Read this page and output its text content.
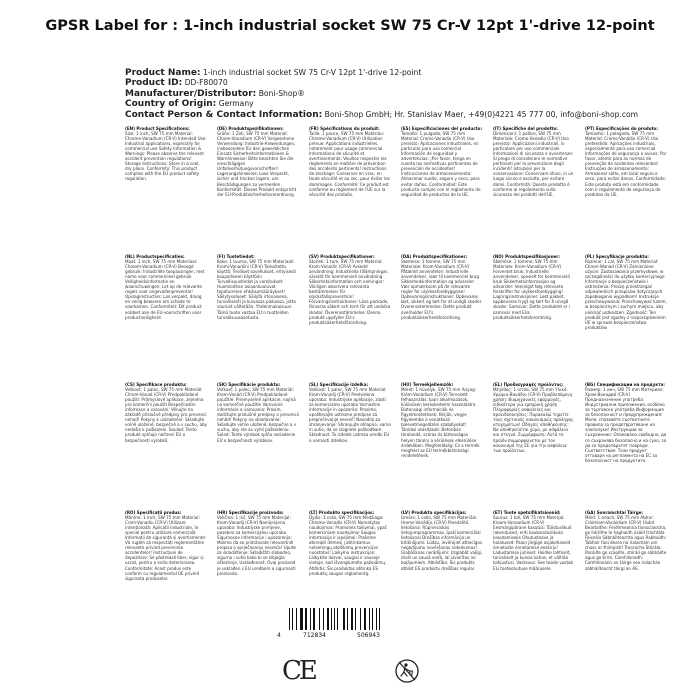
GPSR Label for : 1-inch industrial socket SW 75 Cr-V 12pt 1'-drive 12-point
Product Name: 1-inch industrial socket SW 75 Cr-V 12pt 1'-drive 12-point
Product ID: DD-F80070
Manufacturer/Distributor: Boni-Shop®
Country of Origin: Germany
Contact Person & Contact Information: Boni-Shop GmbH; Hr. Stanislav Maer, +49(0)4221 45 777 00, info@boni-shop.com

(EN) Product Specifications:

Size: 1 inch, SW 75 mm Material: Chrome-Vanadium (CR-V) Intended Use: Industrial applications, especially for commercial use Safety Information & Warnings: Please observe the relevant accident prevention regulations! Storage Instructions: Store in a cool, dry place. Conformity: This product complies with the EU product safety regulation.

(DE) Produktspezifikationen:

Größe: 1 Zoll, SW 75 mm Material: Chrom-Vanadium (CR-V) Vorgesehene Verwendung: Industrie-Anwendungen, insbesondere für den gewerblichen Einsatz Sicherheitsinformationen & Warnhinweise: Bitte beachten Sie die einschlägigen Unfallverhütungsvorschriften! Lagerungshinweise: Lose Verpackt, sicher und trocken lagern, um Beschädigungen zu vermeiden. Konformität: Dieses Produkt entspricht der EU-Produktsicherheitsverordnung.

(FR) Spécifications du produit:

Taille: 1 pouce, SW 75 mm Matériau: Chrome-Vanadium (CR-V) Utilisation prévue: Applications industrielles, notamment pour usage commercial Informations de sécurité et avertissements: Veuillez respecter les règlements en matière de prévention des accidents pertinents! Instructions de stockage: Conserver en vrac, en toute sécurité et au sec, pour éviter les dommages. Conformité: Ce produit est conforme au règlement de l'UE sur la sécurité des produits.

(ES) Especificaciones del producto:

Tamaño: 1 pulgada, SW 75 mm Material: Cromo-Vanadio (CR-V) Uso previsto: Aplicaciones industriales, en particular para uso comercial Información de seguridad y advertencias: ¡Por favor, tenga en cuenta las normativas pertinentes de prevención de accidentes! Instrucciones de almacenamiento: Almacenar suelto, seguro y seco, para evitar daños. Conformidad: Este producto cumple con el reglamento de seguridad de productos de la UE.

(IT) Specifiche del prodotto:

Dimensioni: 1 pollice, SW 75 mm Materiale: Cromo-Vanadio (CR-V) Uso previsto: Applicazioni industriali, in particolare per uso commerciale Informazioni di sicurezza e avvertenze: Si prega di considerare le normative pertinenti per la prevenzione degli incidenti! Istruzioni per la conservazione: Conservare sfuso, in un luogo sicuro e asciutto, per evitare danni. Conformità: Questo prodotto è conforme al regolamento sulla sicurezza dei prodotti dell'UE.

(PT) Especificações do produto:

Tamanho: 1 polegada, SW 75 mm Material: Cromo-Vanádio (CR-V) Uso pretendido: Aplicações industriais, especialmente para uso comercial Informações de segurança e avisos: Por favor, atente para as normas de prevenção de acidentes relevantes! Instruções de armazenamento: Armazenar solto, em local seguro e seco, para evitar danos. Conformidade: Este produto está em conformidade com o regulamento de segurança de produtos da UE.

(NL) Productspecificaties:

Maat: 1 inch, SW 75 mm Materiaal: Chroom-Vanadium (CR-V) Beoogd gebruik: Industriële toepassingen, met name voor commercieel gebruik Veiligheidsinformatie en waarschuwingen: Let op de relevante regels voor ongevallenpreventie! Opslaginstructies: Los verpakt, droog en veilig bewaren om schade te voorkomen. Conformiteit: Dit product voldoet aan de EU-voorschriften voor productveiligheid.

(FI) Tuotetiedot:

Koko: 1 tuuma, SW 75 mm Materiaali: Kromi-Vanadiini (CR-V) Tarkoitettu käyttö: Teolliset sovellukset, erityisesti kaupalliseen käyttöön Turvallisuustiedot ja varoitukset: Huomioithan asiaankuuluvat tapaturmien ehkäisymääräykset! Säilytysohjeet: Säilytä irtonaisena, turvallisesti ja kuivassa paikassa, jotta vaurioit vältetään. Yhdenmukaisuus: Tämä tuote vastaa EU:n tuotteiden turvallisuusasetusta.

(SV) Produktspecifikationer:

Storlek: 1 tum, SW 75 mm Material: Krom-Vanadin (CR-V) Avsedd användning: Industriella tillämpningar, särskilt för kommersiell användning Säkerhetsinformation och varningar: Vänligen observera relevanta bestämmelser för olycksfallsprevention! Förvaringsinstruktioner: Lösa packade, förvaras säkert och torrt för att undvika skador. Överensstämmelse: Denna produkt uppfyller EU:s produktsäkerhetsförordning.

(DA) Produktspecifikationer:

Størrelse: 1 tomme, SW 75 mm Materiale: Krom-Vanadium (CR-V) Påtænkt anvendelse: Industrielle anvendelser, især til kommerciel brug Sikkerhedsinformation og advarsler: Vær opmærksom på de relevante regler for ulykkesforebyggelse! Opbevaringsinstruktioner: Opbevares løst, sikkert og tørt for at undgå skader. Overensstemmelse: Dette produkt overholder EU's produktsikkerhedsforordning.

(NO) Produktspesifikasjoner:

Størrelse: 1 tomme, SW 75 mm Materiale: Krom-Vanadium (CR-V) Forventet bruk: Industrielle anvendelser, spesielt for kommersiell bruk Sikkerhetsinformasjon og advarsler: Vennligst følg relevante forskrifter for ulykkesforebygging! Lagringsinstruksjoner: Løst pakket, oppbevares trygt og tørt for å unngå skader. Samsvar: Dette produktet er i samsvar med EUs produktsikkerhetsforordning.

(PL) Specyfikacje produktu:

Rozmiar: 1 cal, SW 75 mm Materiał: Chrom-Wanad (CR-V) Zamierzone użycie: Zastosowania przemysłowe, w szczególności do użytku komercyjnego Informacje o bezpieczeństwie i ostrzeżenia: Proszę przestrzegać odpowiednich przepisów dotyczących zapobiegania wypadkom! Instrukcje przechowywania: Przechowywać luzem, w bezpiecznym i suchym miejscu, aby uniknąć uszkodzeń. Zgodność: Ten produkt jest zgodny z rozporządzeniem UE w sprawie bezpieczeństwa produktów.

(CS) Specifikace produktu:

Velikost: 1 palec, SW 75 mm Materiál: Chrom-Vanad (CR-V) Předpokládané použití: Průmyslové aplikace, zejména pro komerční použití Bezpečnostní informace a varování: Věnujte na základě příslušné předpisy pro prevenci nehod! Pokyny k uskladnění: Skladujte volně uložené, bezpečně a v suchu, aby nedošlo k poškození. Soulad: Tento produkt splňuje nařízení EU o bezpečnosti výrobků.

(SK) Špecifikácie produktu:

Veľkosť: 1 palec, SW 75 mm Materiál: Krom-Vanád (CR-V) Predpokladané použitie: Priemyselné aplikácie, najmä na komerčné použitie Varovanie informácie a varovania: Prosím, dodržujte príslušné predpisy o prevencii nehôd! Pokyny na skladovanie: Skladujte voľne uložené, bezpečne a v suchu, aby ste sa vyhli poškodeniu. Súlad: Tento výrobok spĺňa nariadenie EÚ o bezpečnosti výrobkov.

(SL) Specifikacije izdelka:

Velikost: 1 palec, SW 75 mm Material: Krom-Vanadij (CR-V) Predvidena uporaba: Industrijske aplikacije, zlasti za komercialno uporabo Varnostne informacije in opozorila: Prosimo, upoštevajte ustrezne predpise za preprečevanje nesreč! Navodila za shranjevanje: Shranjujte ohlapno, varno in suho, da se izognete poškodbam. Skladnost: Ta izdelek ustreza uredbi EU o varnosti izdelkov.

(HU) Termékjellemzők:

Méret: 1 hüvelyk, SW 75 mm Anyag: Króm-Vanádium (CR-V) Tervezett felhasználás: Ipari alkalmazások, különösen kereskedelmi használatra Biztonsági információk és figyelmeztetések: Kérjük, vegye figyelembe a vonatkozó balesetmegelőzési szabályokat! Tárolási utasítások: Betonban tárolandó, száraz és biztonságos helyen tárolni a sérülések elkerülése érdekében. Megfelelőség: Ez a termék megfelel az EU termékbiztonsági rendeletének.

(EL) Προδιαγραφές προϊόντος:

Μέγεθος: 1 ίντσα, SW 75 mm Υλικό: Χρώμιο-Βανάδιο (CR-V) Προβλεπόμενη χρήση: Βιομηχανικές εφαρμογές, ειδικότερα για εμπορική χρήση Πληροφορίες ασφαλείας και προειδοποιήσεις: Παρακαλώ τηρείτε τους σχετικούς κανονισμούς πρόληψης ατυχημάτων! Οδηγίες αποθήκευσης: Να αποθηκεύεται χύμα, με ασφάλεια και στεγνό. Συμμόρφωση: Αυτό το προϊόν συμμορφώνεται με τον κανονισμό της ΕΕ για την ασφάλεια των προϊόντων.

(BG) Спецификации на продукта:

Размер: 1 инч, SW 75 mm Материал: Хром-Ванадий (CR-V) Предназначение употреба: Индустриални приложения, особено за търговска употреба Информация за безопасност и предупреждения: Моля, спазвайте съответните правила за предотвратяване на злополуки! Инструкции за съхранение: Опаковано свободно, да се съхранява безопасно и на сухо, за да се предотвратят повреди. Съответствие: Този продукт отговаря на регламента на ЕС за безопасност на продуктите.

(RO) Specificații produs:

Mărime: 1 inch, SW 75 mm Material: Crom-Vanadiu (CR-V) Utilizare intenționată: Aplicații industriale, în special pentru utilizare comercială Informații de siguranță și avertismente: Vă rugăm să respectați reglementările relevante privind prevenirea accidentelor! Instrucțiuni de depozitare: Se păstrează liber, sigur și uscat, pentru a evita deteriorarea. Conformitate: Acest produs este conform cu regulamentul UE privind siguranța produselor.

(HR) Specifikacije proizvoda:

Veličina: 1 inč, SW 75 mm Materijal: Krom-Vanadij (CR-V) Namijenjena uporaba: Industrijske primjene, posebno za komercijalnu uporabu Sigurnosne informacije i upozorenja: Molimo da se pridržavate relevantnih propisa o sprječavanju nesreća! Upute za skladištenje: Skladištiti slobodno, sigurno i suho kako bi se izbjegla oštećenja. Usklađenost: Ovaj proizvod je usklađen s EU uredbom o sigurnosti proizvoda.

(LT) Produkto specifikacijos:

Dydis: 1 colis, SW 75 mm Medžiaga: Chromo-Vanadis (CR-V) Numatytas naudojimas: Pramonės taikymai, ypač komerciniam naudojimui Saugos informacija ir įspėjimai: Prašome atkreipti dėmesį į atitinkamus nelaimingų atsitikimų prevencijos nuostatus! Laikymo instrukcijos: Laikykite laisvai, saugiai ir sausoje vietoje, kad išvengtumėte pažeidimų. Atitiktis: Šis produktas atitinka ES produktų saugos reglamentą.

(LV) Produkta specifikācijas:

Izmērs: 1 colla, SW 75 mm Materiāls: Hroms-Vanādijs (CR-V) Paredzētā lietošana: Rūpnieciskas lietojumprogrammas, īpaši komerciālai lietošanai Drošības informācija un brīdinājumi: Lūdzu, ievērojiet attiecīgos negadījumu novēršanas noteikumus! Glabāšanas norādījumi: Uzglabāt vaļīgi, droši un sausā vietā, lai izvairītos no bojājumiem. Atbilstība: Šis produkts atbilst ES produktu drošības regulai.

(ET) Toote spetsifikatsioonid:

Suurus: 1 toll, SW 75 mm Materjal: Kroom-Vanaadium (CR-V) Eesmärgipärane kasutus: Tööstuslikud rakendused, eriti kaubanduslikuks kasutamiseks Ohutusteave ja hoiatused: Palun järgige asjakohaseid õnnetuste ennetamise eeskirju! Ladustamise juhised: Hoidke lahtiselt, turvaliselt ja kuivas kohas, et vältida kahjustusi. Vastavus: See toode vastab ELi tooteohutuse määrusele.

(GA) Sonraíochtaí Táirge:

Méid: 1 orlach, SW 75 mm Ábhar: Cróimiam-Vanaidiam (CR-V) Úsáid Beartaithe: Feidhmeanna tionsclaíocha, go háirithe le haghaidh úsáid tráchtála Faisnéis Sábháilteachta agus Rabhaidh: Tabhair faoi deara na rialacháin um chosc ar thimpistí! Treoracha Stórála: Pacáilte go scaoilte, stóráil go sábháilte agus go tirim. Comhlíonadh: Comhlíonann an táirge seo rialachán sábháilteacht táirgí an AE.

4	712834	506943
CE
